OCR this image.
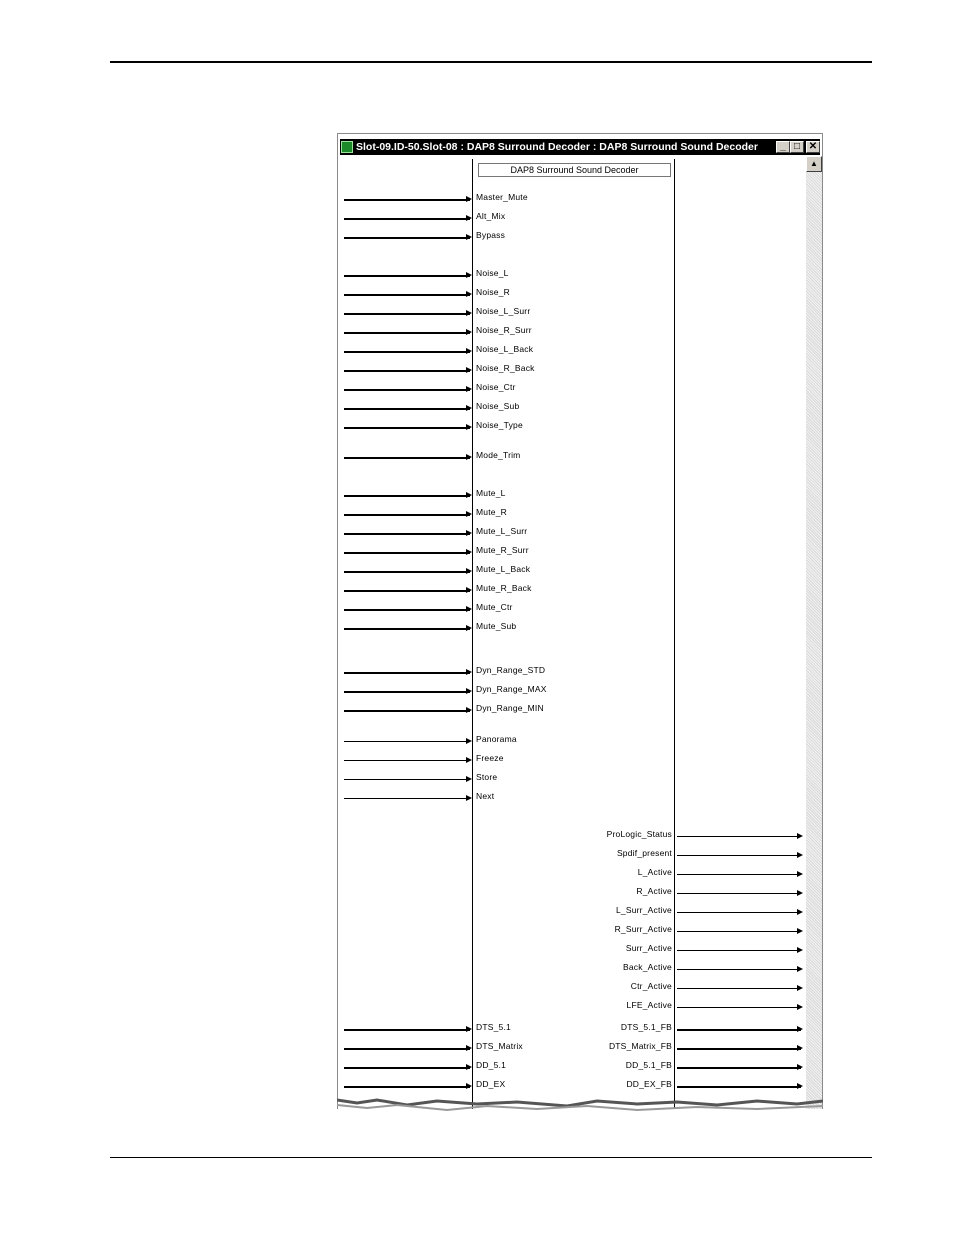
Slot-09.ID-50.Slot-08 : DAP8 Surround Decoder : DAP8 Surround Sound Decoder	_ □ ✕
▲
DAP8 Surround Sound Decoder
Master_Mute
Alt_Mix
Bypass
Noise_L
Noise_R
Noise_L_Surr
Noise_R_Surr
Noise_L_Back
Noise_R_Back
Noise_Ctr
Noise_Sub
Noise_Type
Mode_Trim
Mute_L
Mute_R
Mute_L_Surr
Mute_R_Surr
Mute_L_Back
Mute_R_Back
Mute_Ctr
Mute_Sub
Dyn_Range_STD
Dyn_Range_MAX
Dyn_Range_MIN
Panorama
Freeze
Store
Next
DTS_5.1
DTS_Matrix
DD_5.1
DD_EX
ProLogic_Status
Spdif_present
L_Active
R_Active
L_Surr_Active
R_Surr_Active
Surr_Active
Back_Active
Ctr_Active
LFE_Active
DTS_5.1_FB
DTS_Matrix_FB
DD_5.1_FB
DD_EX_FB
